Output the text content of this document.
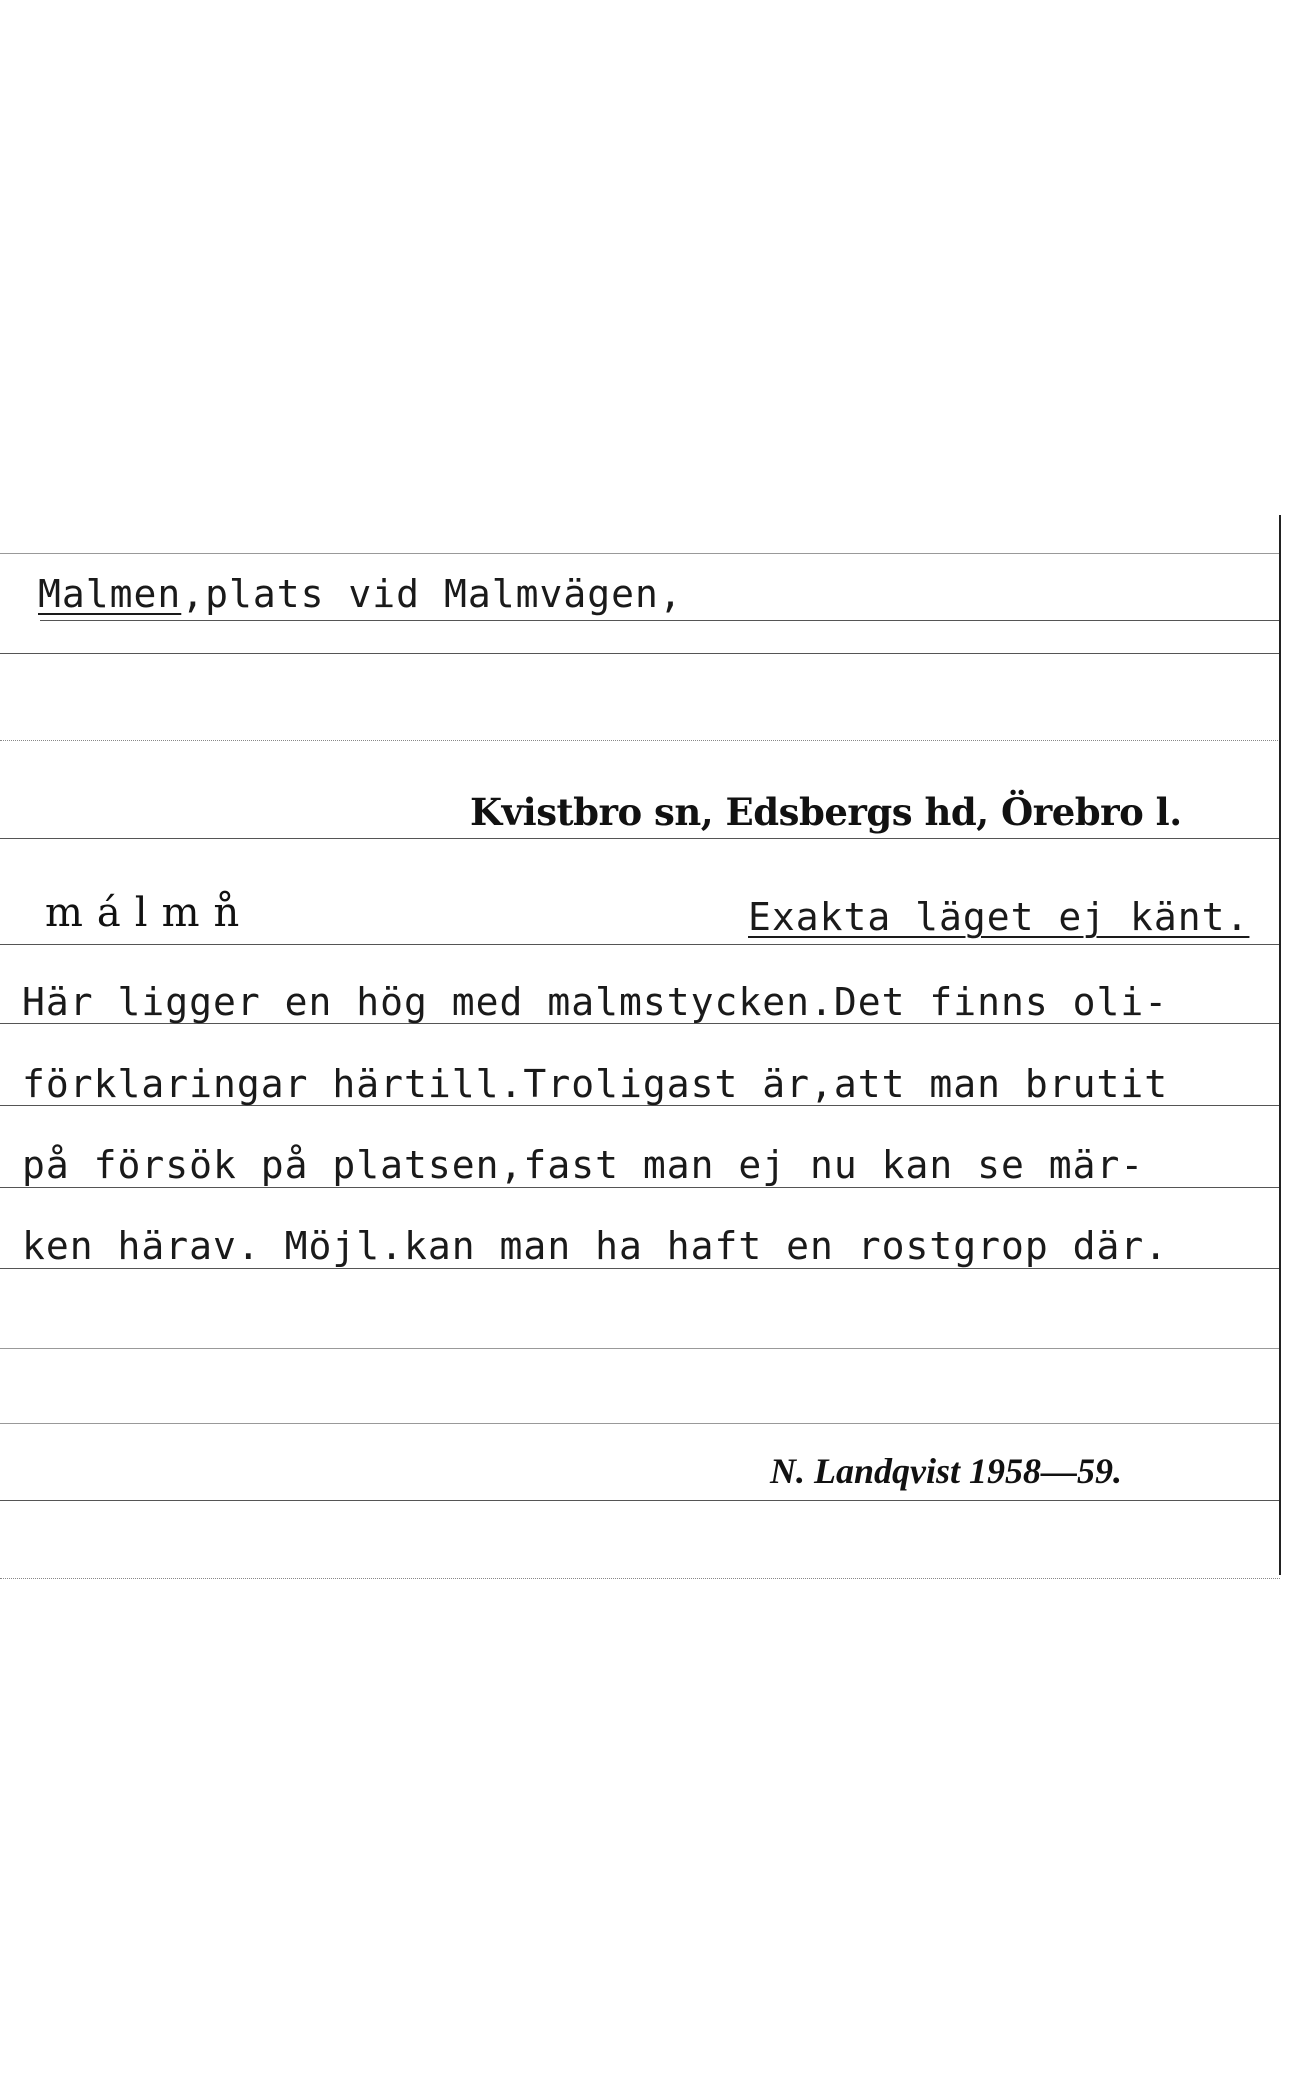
Malmen,plats vid Malmvägen,
Kvistbro sn, Edsbergs hd, Örebro l.
málmn̊	Exakta läget ej känt.
Här ligger en hög med malmstycken.Det finns oli-
förklaringar härtill.Troligast är,att man brutit
på försök på platsen,fast man ej nu kan se mär-
ken härav. Möjl.kan man ha haft en rostgrop där.
N. Landqvist 1958—59.
